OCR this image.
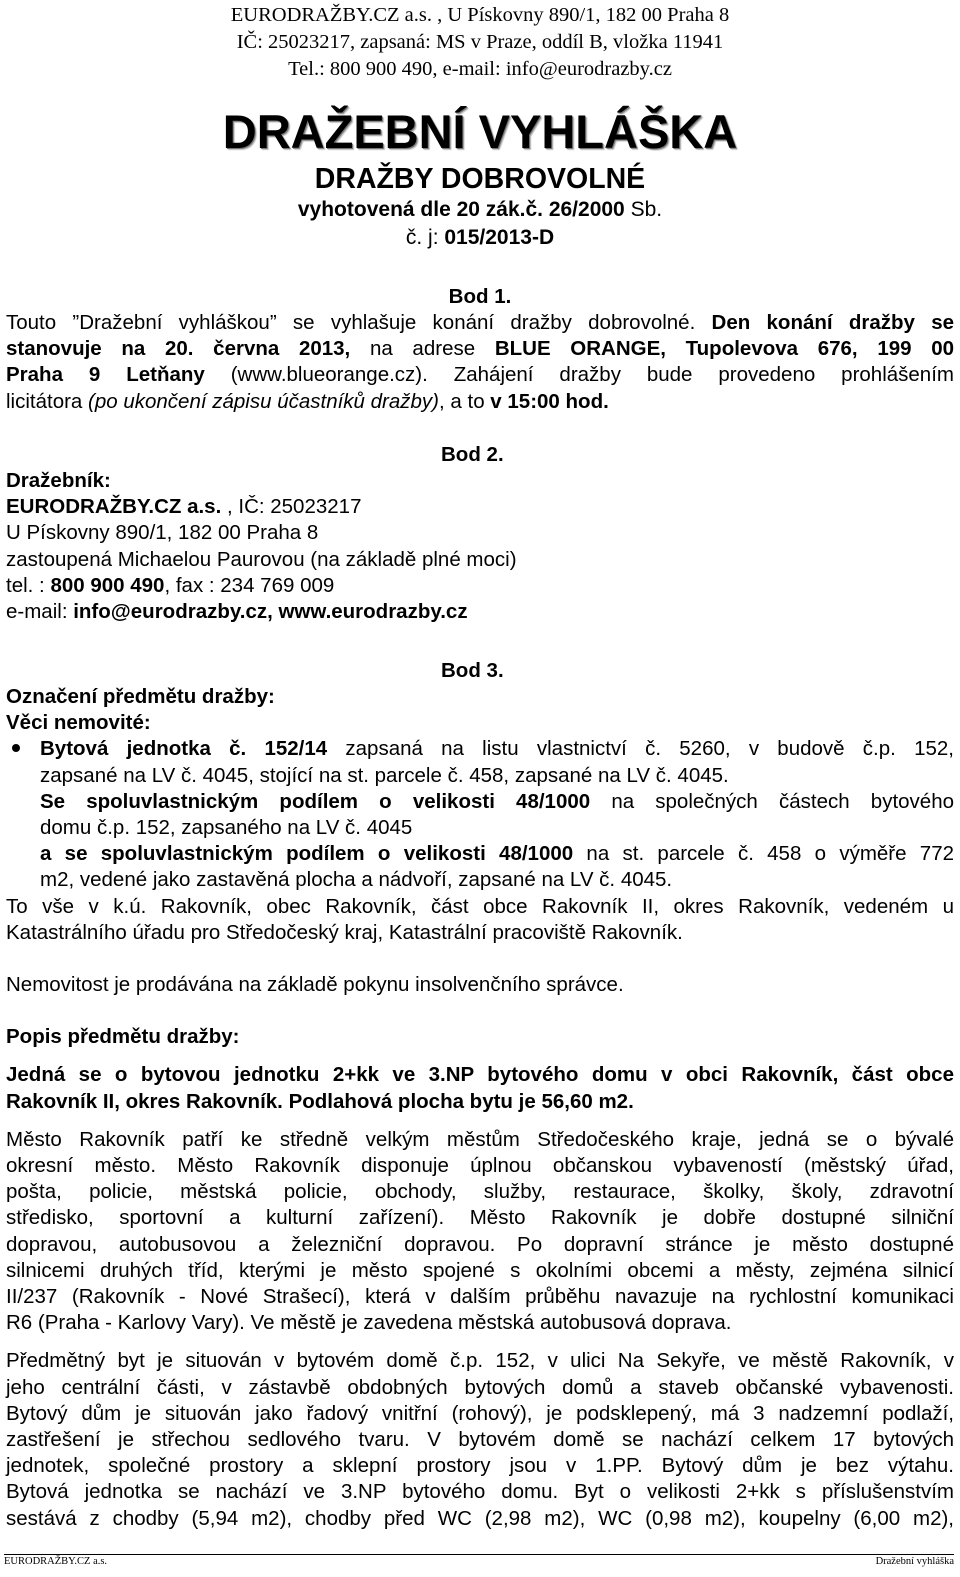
EURODRAŽBY.CZ a.s. , U Pískovny 890/1, 182 00 Praha 8
IČ: 25023217, zapsaná: MS v Praze, oddíl B, vložka 11941
Tel.: 800 900 490, e-mail: info@eurodrazby.cz
DRAŽEBNÍ VYHLÁŠKA
DRAŽBY DOBROVOLNÉ
vyhotovená dle 20 zák.č. 26/2000 Sb.
č. j: 015/2013-D
Bod 1.
Touto ”Dražební vyhláškou” se vyhlašuje konání dražby dobrovolné. Den konání dražby se
stanovuje na 20. června 2013, na adrese BLUE ORANGE, Tupolevova 676, 199 00
Praha 9 Letňany (www.blueorange.cz). Zahájení dražby bude provedeno prohlášením
licitátora (po ukončení zápisu účastníků dražby), a to v 15:00 hod.
Bod 2.
Dražebník:
EURODRAŽBY.CZ a.s. , IČ: 25023217
U Pískovny 890/1, 182 00 Praha 8
zastoupená Michaelou Paurovou (na základě plné moci)
tel. : 800 900 490, fax : 234 769 009
e-mail: info@eurodrazby.cz, www.eurodrazby.cz
Bod 3.
Označení předmětu dražby:
Věci nemovité:
Bytová jednotka č. 152/14 zapsaná na listu vlastnictví č. 5260, v budově č.p. 152,
zapsané na LV č. 4045, stojící na st. parcele č. 458, zapsané na LV č. 4045.
Se spoluvlastnickým podílem o velikosti 48/1000 na společných částech bytového
domu č.p. 152, zapsaného na LV č. 4045
a se spoluvlastnickým podílem o velikosti 48/1000 na st. parcele č. 458 o výměře 772
m2, vedené jako zastavěná plocha a nádvoří, zapsané na LV č. 4045.
To vše v k.ú. Rakovník, obec Rakovník, část obce Rakovník II, okres Rakovník, vedeném u
Katastrálního úřadu pro Středočeský kraj, Katastrální pracoviště Rakovník.
Nemovitost je prodávána na základě pokynu insolvenčního správce.
Popis předmětu dražby:
Jedná se o bytovou jednotku 2+kk ve 3.NP bytového domu v obci Rakovník, část obce
Rakovník II, okres Rakovník. Podlahová plocha bytu je 56,60 m2.
Město Rakovník patří ke středně velkým městům Středočeského kraje, jedná se o bývalé
okresní město. Město Rakovník disponuje úplnou občanskou vybaveností (městský úřad,
pošta, policie, městská policie, obchody, služby, restaurace, školky, školy, zdravotní
středisko, sportovní a kulturní zařízení). Město Rakovník je dobře dostupné silniční
dopravou, autobusovou a železniční dopravou. Po dopravní stránce je město dostupné
silnicemi druhých tříd, kterými je město spojené s okolními obcemi a městy, zejména silnicí
II/237 (Rakovník - Nové Strašecí), která v dalším průběhu navazuje na rychlostní komunikaci
R6 (Praha - Karlovy Vary). Ve městě je zavedena městská autobusová doprava.
Předmětný byt je situován v bytovém domě č.p. 152, v ulici Na Sekyře, ve městě Rakovník, v
jeho centrální části, v zástavbě obdobných bytových domů a staveb občanské vybavenosti.
Bytový dům je situován jako řadový vnitřní (rohový), je podsklepený, má 3 nadzemní podlaží,
zastřešení je střechou sedlového tvaru. V bytovém domě se nachází celkem 17 bytových
jednotek, společné prostory a sklepní prostory jsou v 1.PP. Bytový dům je bez výtahu.
Bytová jednotka se nachází ve 3.NP bytového domu. Byt o velikosti 2+kk s příslušenstvím
sestává z chodby (5,94 m2), chodby před WC (2,98 m2), WC (0,98 m2), koupelny (6,00 m2),
EURODRAŽBY.CZ a.s.	Dražební vyhláška
